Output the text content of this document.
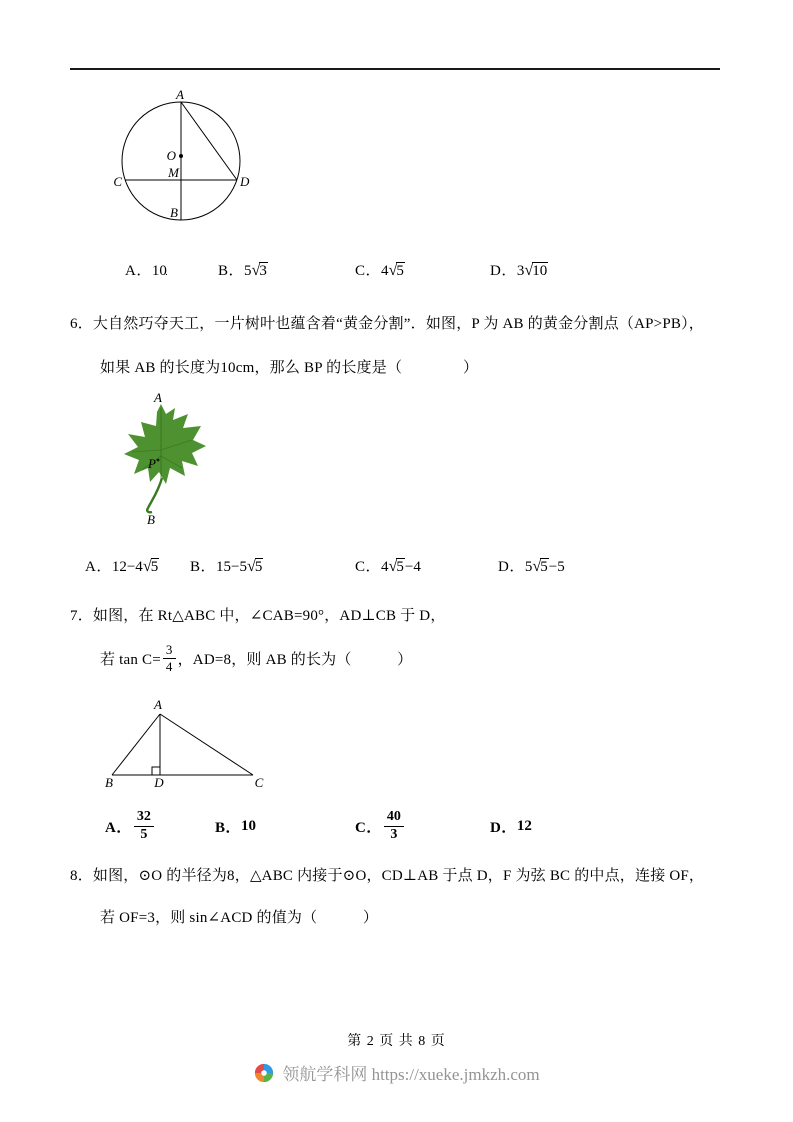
A
O
M
C	D
B
A．10	B．5√3	C．4√5	D．3√10
6．大自然巧夺天工，一片树叶也蕴含着“黄金分割”．如图，P 为 AB 的黄金分割点（AP>PB），
如果 AB 的长度为10cm，那么 BP 的长度是（　　　　）
A
P
B
A．12−4√5 B．15−5√5	C．4√5−4	D．5√5−5
7．如图，在 Rt△ABC 中，∠CAB=90°，AD⊥CB 于 D，
若 $\tan C= \frac{3}{4}$ ，AD=8，则 AB 的长为（　　　）
A
B	D	C
A． $\frac{32}{5}$	B． 10	C． $\frac{40}{3}$	D． 12
8．如图，⊙O 的半径为8，△ABC 内接于⊙O，CD⊥AB 于点 D，F 为弦 BC 的中点，连接 OF，
若 OF=3，则 sin∠ACD 的值为（　　　）
第 2 页 共 8 页
领航学科网 https://xueke.jmkzh.com
